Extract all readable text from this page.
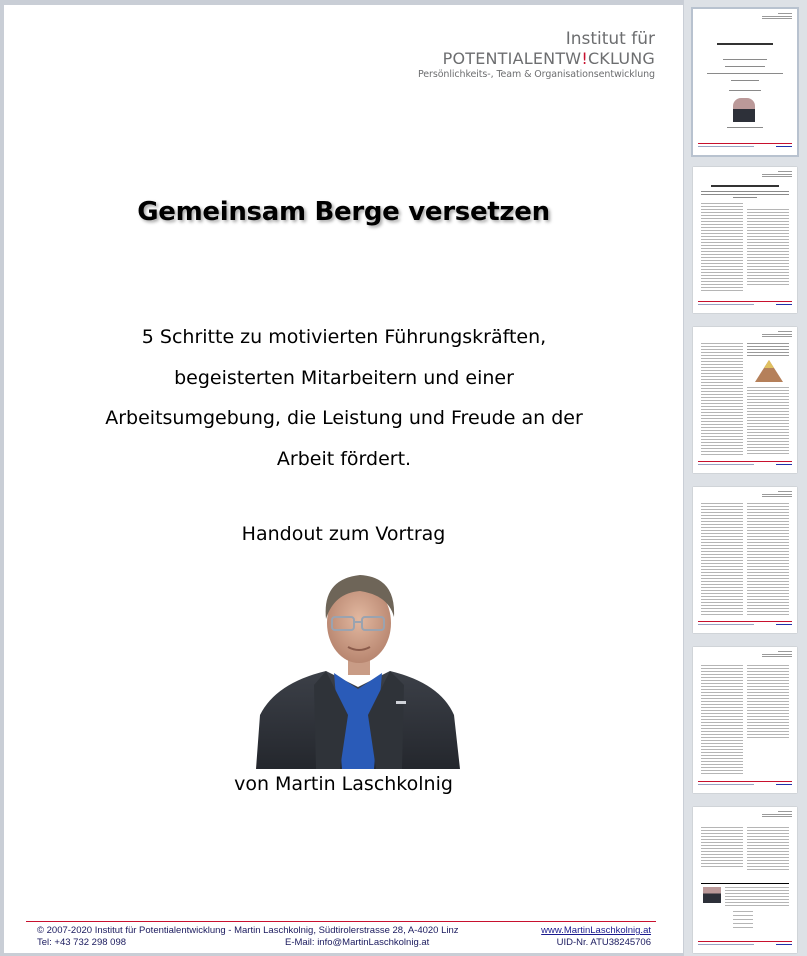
Institut für
POTENTIALENTW!CKLUNG
Persönlichkeits-, Team & Organisationsentwicklung
Gemeinsam Berge versetzen
5 Schritte zu motivierten Führungskräften,
begeisterten Mitarbeitern und einer
Arbeitsumgebung, die Leistung und Freude an der
Arbeit fördert.
Handout zum Vortrag
von Martin Laschkolnig
© 2007-2020 Institut für Potentialentwicklung - Martin Laschkolnig, Südtirolerstrasse 28, A-4020 Linz	www.MartinLaschkolnig.at
Tel: +43 732 298 098	E-Mail: info@MartinLaschkolnig.at	UID-Nr. ATU38245706
